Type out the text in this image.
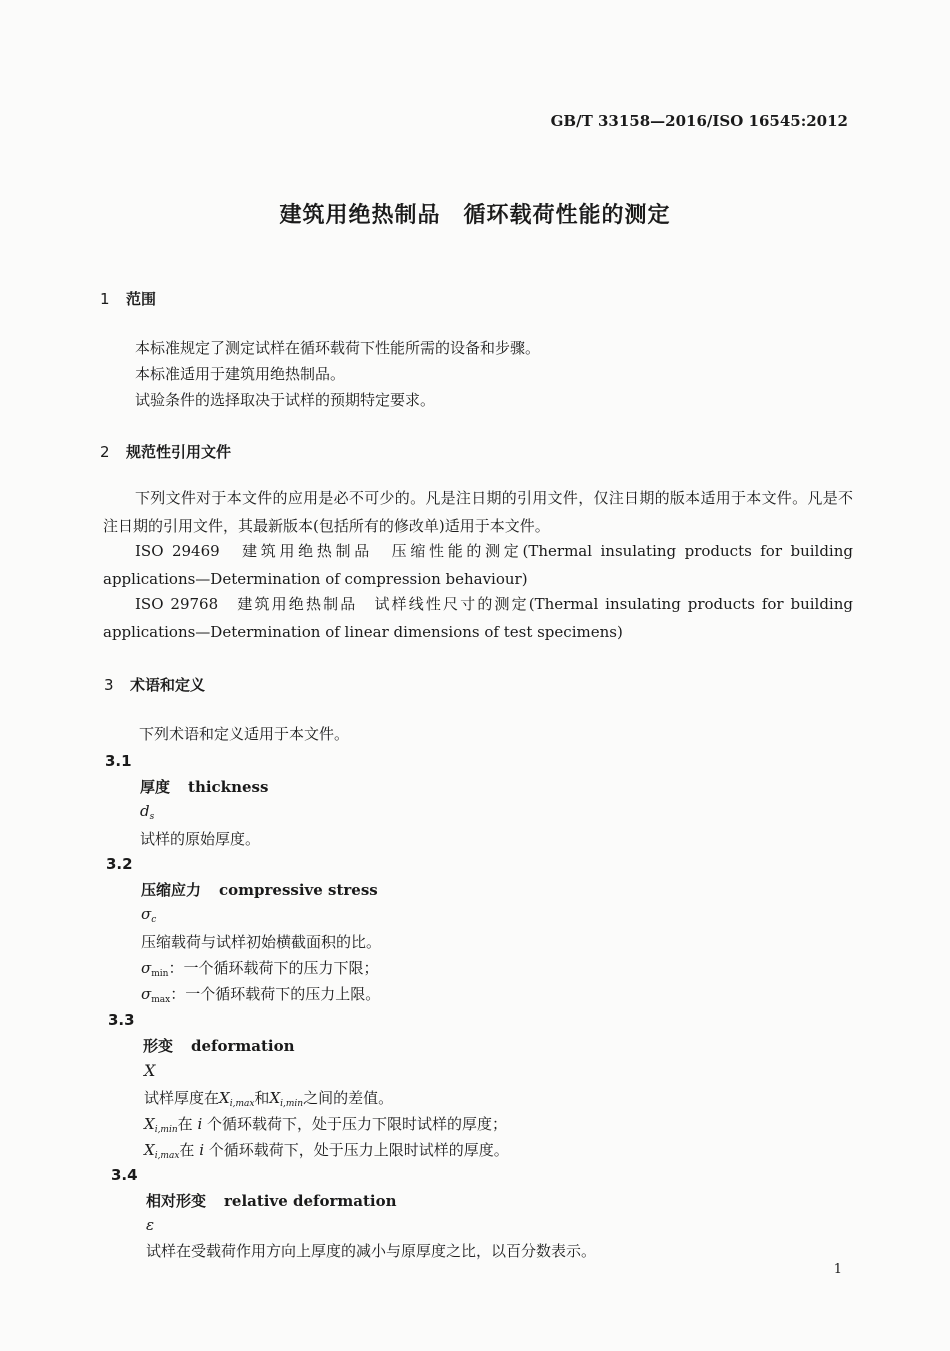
GB/T 33158—2016/ISO 16545:2012
建筑用绝热制品　循环载荷性能的测定
1 范围
本标准规定了测定试样在循环载荷下性能所需的设备和步骤。
本标准适用于建筑用绝热制品。
试验条件的选择取决于试样的预期特定要求。
2 规范性引用文件
下列文件对于本文件的应用是必不可少的。凡是注日期的引用文件，仅注日期的版本适用于本文件。凡是不注日期的引用文件，其最新版本(包括所有的修改单)适用于本文件。
ISO 29469　建筑用绝热制品　压缩性能的测定(Thermal insulating products for building applications—Determination of compression behaviour)
ISO 29768　建筑用绝热制品　试样线性尺寸的测定(Thermal insulating products for building applications—Determination of linear dimensions of test specimens)
3 术语和定义
下列术语和定义适用于本文件。
3.1
厚度 thickness
$d_s$
试样的原始厚度。
3.2
压缩应力 compressive stress
$\sigma_c$
压缩载荷与试样初始横截面积的比。
$\sigma_{min}$：一个循环载荷下的压力下限；
$\sigma_{max}$：一个循环载荷下的压力上限。
3.3
形变 deformation
X
试样厚度在$X_{i,max}$和$X_{i,min}$之间的差值。
$X_{i,min}$在 i 个循环载荷下，处于压力下限时试样的厚度；
$X_{i,max}$在 i 个循环载荷下，处于压力上限时试样的厚度。
3.4
相对形变 relative deformation
ε
试样在受载荷作用方向上厚度的减小与原厚度之比，以百分数表示。
1
